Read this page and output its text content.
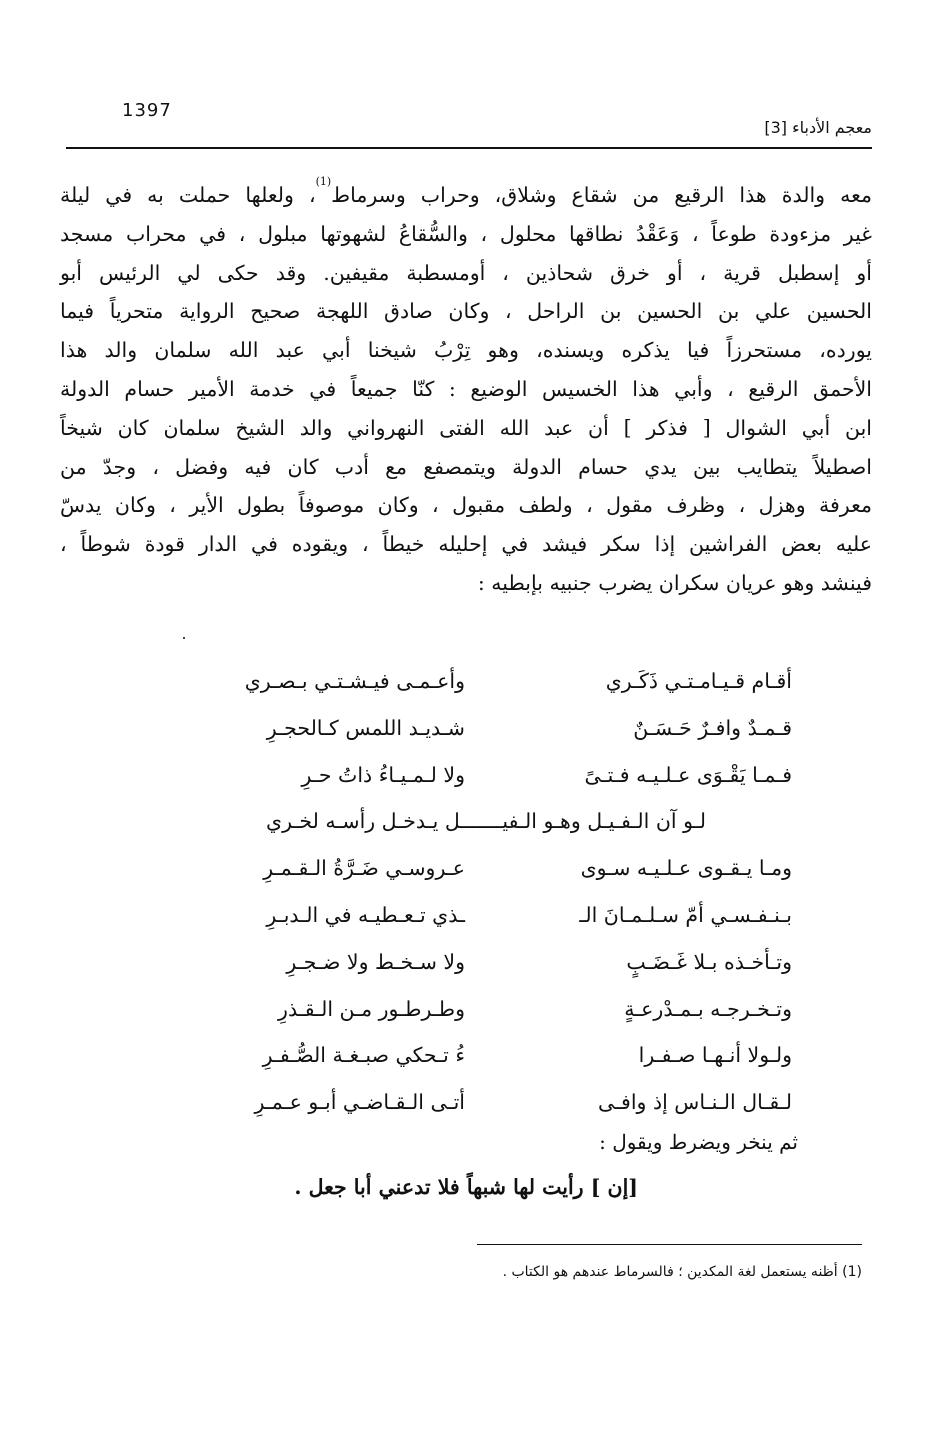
1397
معجم الأدباء [3]
معه والدة هذا الرقيع من شقاع وشلاق، وحراب وسرماط$^{(1)}$، ولعلها حملت به في ليلة
غير مزءودة طوعاً ، وَعَقْدُ نطاقها محلول ، والسُّقاعُ لشهوتها مبلول ، في محراب مسجد
أو إسطبل قرية ، أو خرق شحاذين ، أومسطبة مقيفين. وقد حكى لي الرئيس أبو
الحسين علي بن الحسين بن الراحل ، وكان صادق اللهجة صحيح الرواية متحرياً فيما
يورده، مستحرزاً فيا يذكره ويسنده، وهو تِرْبُ شيخنا أبي عبد الله سلمان والد هذا
الأحمق الرقيع ، وأبي هذا الخسيس الوضيع : كنّا جميعاً في خدمة الأمير حسام الدولة
ابن أبي الشوال [ فذكر ] أن عبد الله الفتى النهرواني والد الشيخ سلمان كان شيخاً
اصطيلاً يتطايب بين يدي حسام الدولة ويتمصفع مع أدب كان فيه وفضل ، وجدّ من
معرفة وهزل ، وظرف مقول ، ولطف مقبول ، وكان موصوفاً بطول الأير ، وكان يدسّ
عليه بعض الفراشين إذا سكر فيشد في إحليله خيطاً ، ويقوده في الدار قودة شوطاً ،
فينشد وهو عريان سكران يضرب جنبيه بإبطيه :
أقـام قـيـامـتـي ذَكَـري
وأعـمـى فيـشـتـي بـصـري
قـمـدٌ وافـرٌ حَـسَـنٌ
شـديـد اللمس كـالحجـرِ
فـمـا يَقْـوَى عـلـيـه فـتـىً
ولا لـمـيـاءُ ذاتُ حـرِ
لـو آن الـفـيـل وهـو الـفيـــــــل يـدخـل رأسـه لخـري
ومـا يـقـوى عـلـيـه سـوى
عـروسـي ضَـرَّةُ الـقـمـرِ
بـنـفـسـي أمّ سـلـمـانَ الـ
ـذي تـعـطيـه في الـدبـرِ
وتـأخـذه بـلا غَـضَـبٍ
ولا سـخـط ولا ضـجـرِ
وتـخـرجـه بـمـدْرعـةٍ
وطـرطـور مـن الـقـذرِ
ولـولا أنـهـا صـفـرا
ءُ تـحكي صبـغـة الصُّـفـرِ
لـقـال الـنـاس إذ وافـى
أتـى الـقـاضـي أبـو عـمـرِ
ثم ينخر ويضرط ويقول :
[إن ] رأيت لها شبهاً فلا تدعني أبا جعل .
(1) أظنه يستعمل لغة المكدين ؛ فالسرماط عندهم هو الكتاب .
